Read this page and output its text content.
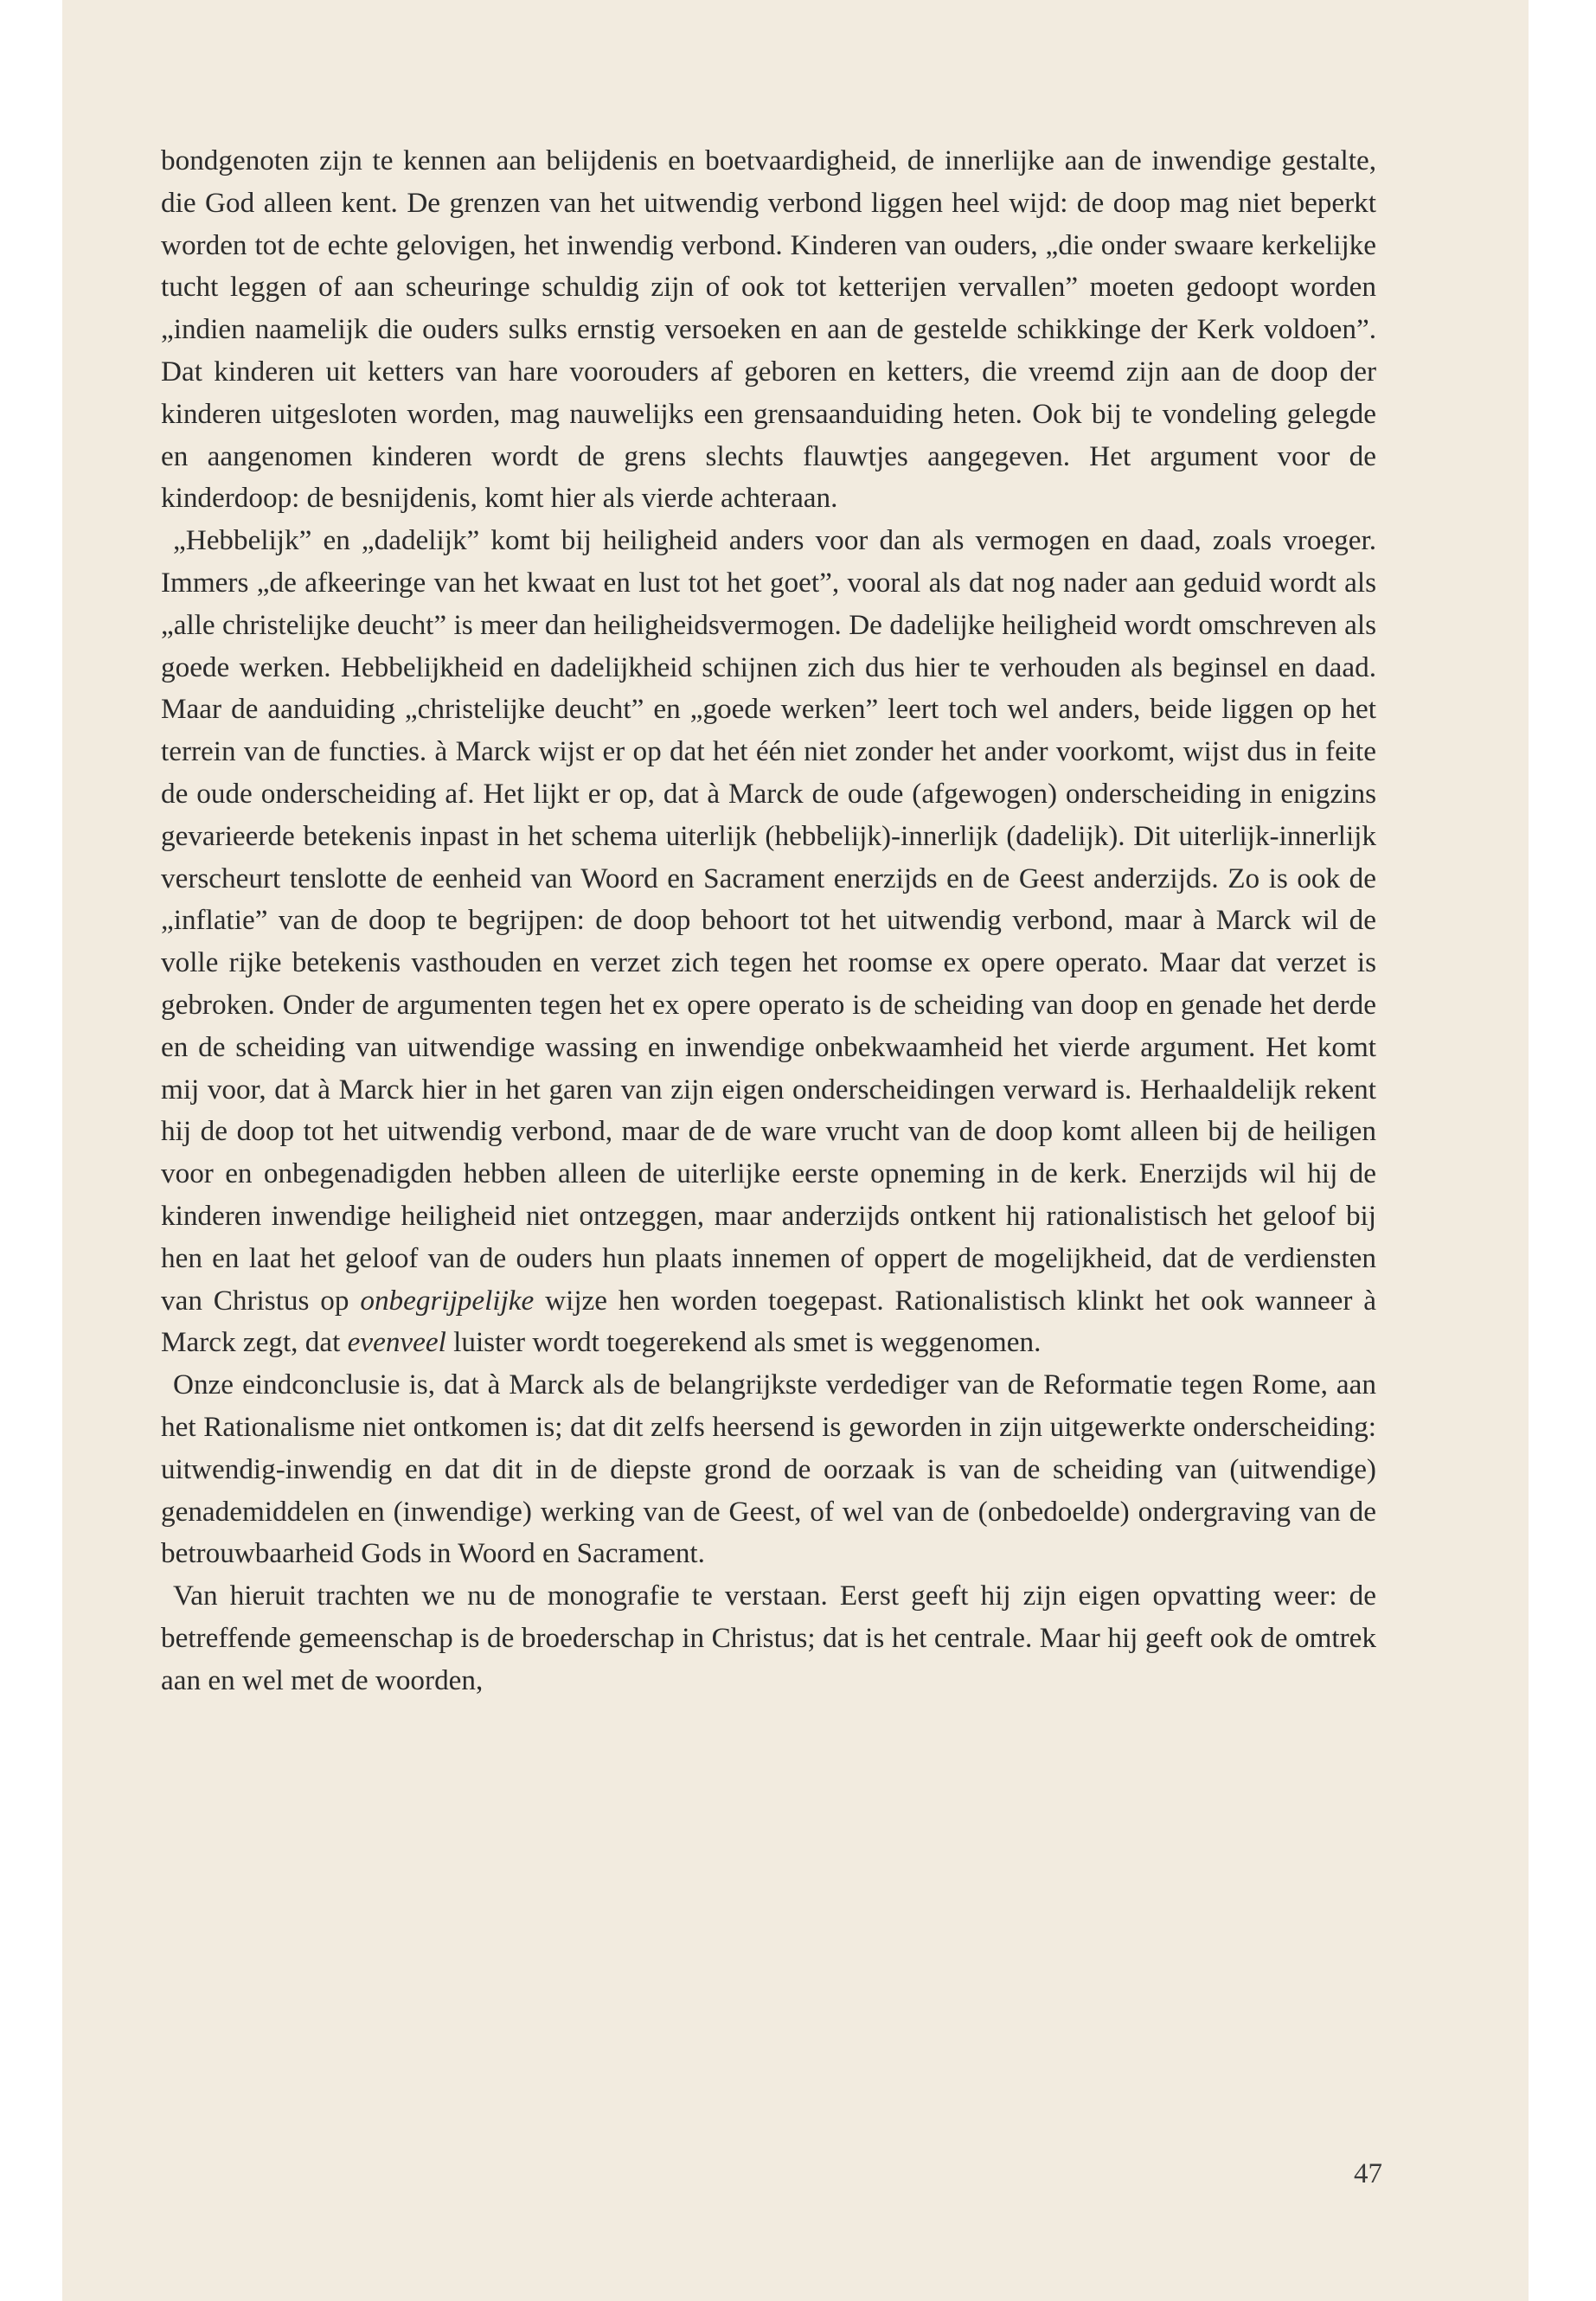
bondgenoten zijn te kennen aan belijdenis en boetvaardigheid, de innerlijke aan de inwendige gestalte, die God alleen kent. De grenzen van het uitwendig verbond liggen heel wijd: de doop mag niet beperkt worden tot de echte gelovigen, het inwendig verbond. Kinderen van ouders, „die onder swaare kerkelijke tucht leggen of aan scheuringe schuldig zijn of ook tot ketterijen vervallen” moeten gedoopt worden „indien naamelijk die ouders sulks ernstig versoeken en aan de gestelde schikkinge der Kerk voldoen”. Dat kinderen uit ketters van hare voorouders af geboren en ketters, die vreemd zijn aan de doop der kinderen uitgesloten worden, mag nauwelijks een grensaanduiding heten. Ook bij te vondeling gelegde en aangenomen kinderen wordt de grens slechts flauwtjes aangegeven. Het argument voor de kinderdoop: de besnijdenis, komt hier als vierde achteraan.

„Hebbelijk” en „dadelijk” komt bij heiligheid anders voor dan als vermogen en daad, zoals vroeger. Immers „de afkeeringe van het kwaat en lust tot het goet”, vooral als dat nog nader aan geduid wordt als „alle christelijke deucht” is meer dan heiligheidsvermogen. De dadelijke heiligheid wordt omschreven als goede werken. Hebbelijkheid en dadelijkheid schijnen zich dus hier te verhouden als beginsel en daad. Maar de aanduiding „christelijke deucht” en „goede werken” leert toch wel anders, beide liggen op het terrein van de functies. à Marck wijst er op dat het één niet zonder het ander voorkomt, wijst dus in feite de oude onderscheiding af. Het lijkt er op, dat à Marck de oude (afgewogen) onderscheiding in enigzins gevarieerde betekenis inpast in het schema uiterlijk (hebbelijk)-innerlijk (dadelijk). Dit uiterlijk-innerlijk verscheurt tenslotte de eenheid van Woord en Sacrament enerzijds en de Geest anderzijds. Zo is ook de „inflatie” van de doop te begrijpen: de doop behoort tot het uitwendig verbond, maar à Marck wil de volle rijke betekenis vasthouden en verzet zich tegen het roomse ex opere operato. Maar dat verzet is gebroken. Onder de argumenten tegen het ex opere operato is de scheiding van doop en genade het derde en de scheiding van uitwendige wassing en inwendige onbekwaamheid het vierde argument. Het komt mij voor, dat à Marck hier in het garen van zijn eigen onderscheidingen verward is. Herhaaldelijk rekent hij de doop tot het uitwendig verbond, maar de de ware vrucht van de doop komt alleen bij de heiligen voor en onbegenadigden hebben alleen de uiterlijke eerste opneming in de kerk. Enerzijds wil hij de kinderen inwendige heiligheid niet ontzeggen, maar anderzijds ontkent hij rationalistisch het geloof bij hen en laat het geloof van de ouders hun plaats innemen of oppert de mogelijkheid, dat de verdiensten van Christus op onbegrijpelijke wijze hen worden toegepast. Rationalistisch klinkt het ook wanneer à Marck zegt, dat evenveel luister wordt toegerekend als smet is weggenomen.

Onze eindconclusie is, dat à Marck als de belangrijkste verdediger van de Reformatie tegen Rome, aan het Rationalisme niet ontkomen is; dat dit zelfs heersend is geworden in zijn uitgewerkte onderscheiding: uitwendig-inwendig en dat dit in de diepste grond de oorzaak is van de scheiding van (uitwendige) genademiddelen en (inwendige) werking van de Geest, of wel van de (onbedoelde) ondergraving van de betrouwbaarheid Gods in Woord en Sacrament.

Van hieruit trachten we nu de monografie te verstaan. Eerst geeft hij zijn eigen opvatting weer: de betreffende gemeenschap is de broederschap in Christus; dat is het centrale. Maar hij geeft ook de omtrek aan en wel met de woorden,

47
